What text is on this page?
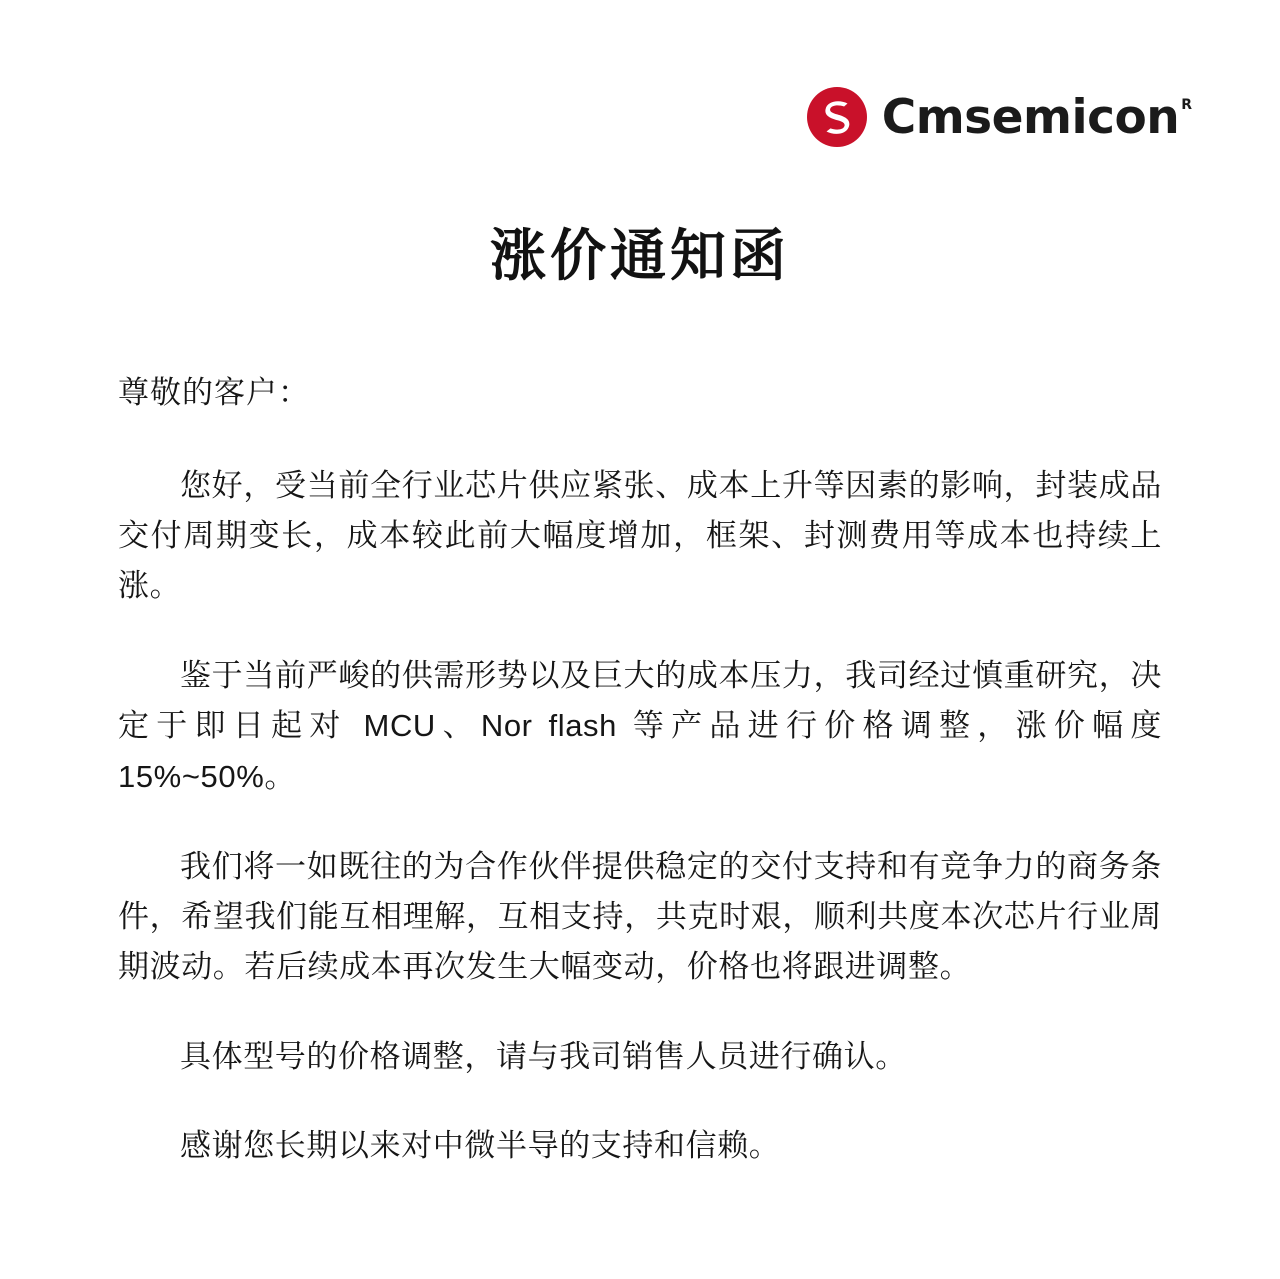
Cmsemicon R
涨价通知函
尊敬的客户：

您好，受当前全行业芯片供应紧张、成本上升等因素的影响，封装成品交付周期变长，成本较此前大幅度增加，框架、封测费用等成本也持续上涨。

鉴于当前严峻的供需形势以及巨大的成本压力，我司经过慎重研究，决定于即日起对 MCU、Nor flash 等产品进行价格调整，涨价幅度15%~50%。

我们将一如既往的为合作伙伴提供稳定的交付支持和有竞争力的商务条件，希望我们能互相理解，互相支持，共克时艰，顺利共度本次芯片行业周期波动。若后续成本再次发生大幅变动，价格也将跟进调整。

具体型号的价格调整，请与我司销售人员进行确认。

感谢您长期以来对中微半导的支持和信赖。
